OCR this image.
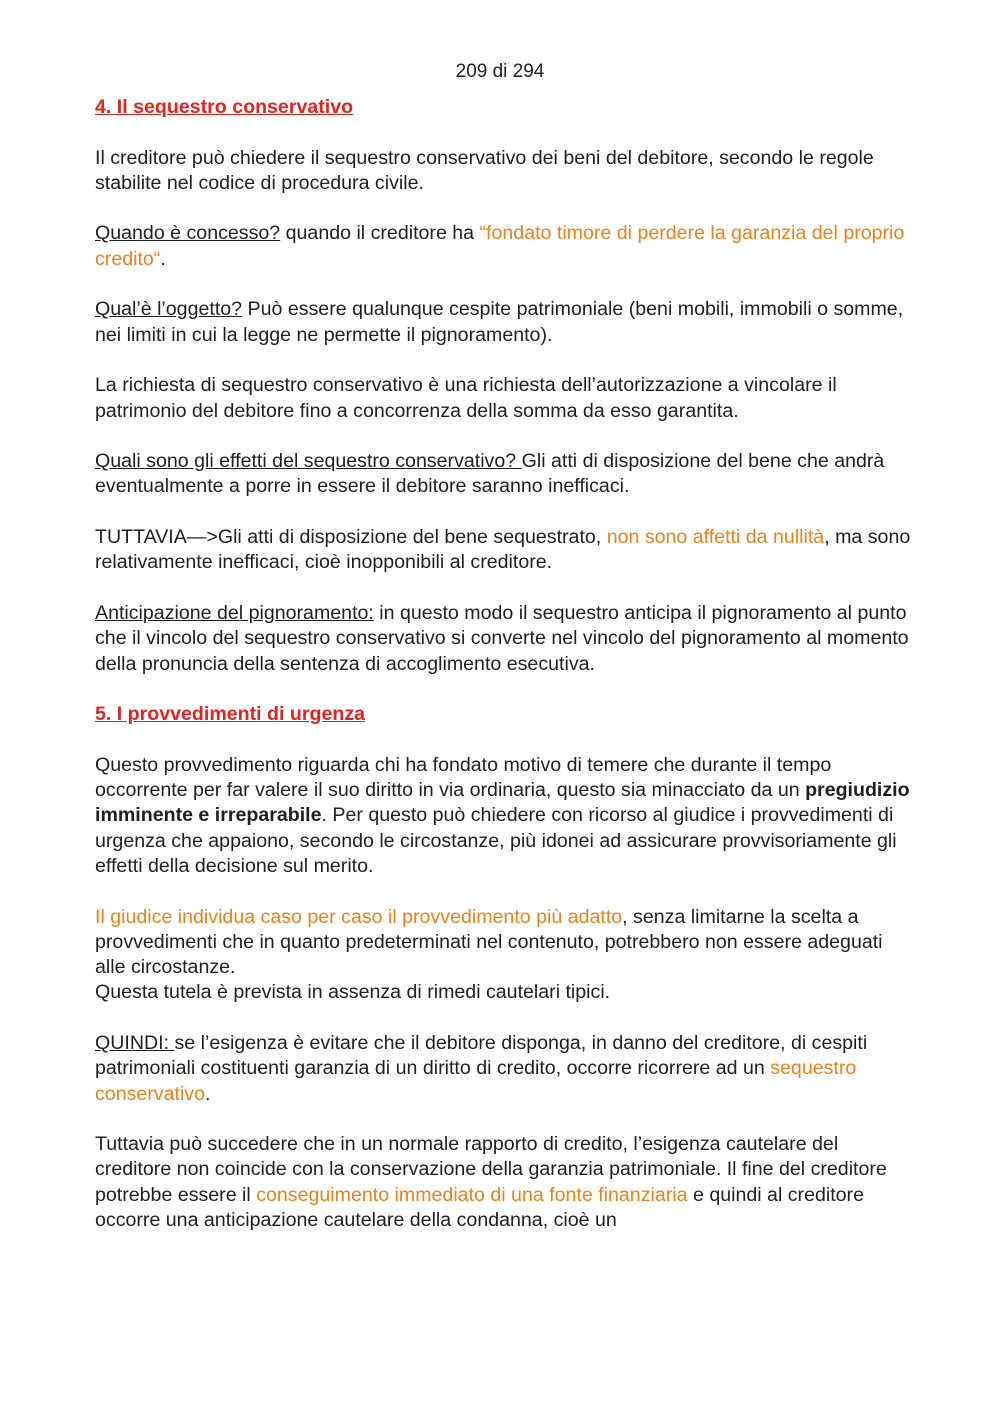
209 di 294
4. Il sequestro conservativo

Il creditore può chiedere il sequestro conservativo dei beni del debitore, secondo le regole stabilite nel codice di procedura civile.

Quando è concesso? quando il creditore ha “fondato timore di perdere la garanzia del proprio credito“.

Qual’è l’oggetto? Può essere qualunque cespite patrimoniale (beni mobili, immobili o somme, nei limiti in cui la legge ne permette il pignoramento).

La richiesta di sequestro conservativo è una richiesta dell’autorizzazione a vincolare il patrimonio del debitore fino a concorrenza della somma da esso garantita.

Quali sono gli effetti del sequestro conservativo? Gli atti di disposizione del bene che andrà eventualmente a porre in essere il debitore saranno inefficaci.

TUTTAVIA—>Gli atti di disposizione del bene sequestrato, non sono affetti da nullità, ma sono relativamente inefficaci, cioè inopponibili al creditore.

Anticipazione del pignoramento: in questo modo il sequestro anticipa il pignoramento al punto che il vincolo del sequestro conservativo si converte nel vincolo del pignoramento al momento della pronuncia della sentenza di accoglimento esecutiva.

5. I provvedimenti di urgenza

Questo provvedimento riguarda chi ha fondato motivo di temere che durante il tempo occorrente per far valere il suo diritto in via ordinaria, questo sia minacciato da un pregiudizio imminente e irreparabile. Per questo può chiedere con ricorso al giudice i provvedimenti di urgenza che appaiono, secondo le circostanze, più idonei ad assicurare provvisoriamente gli effetti della decisione sul merito.

Il giudice individua caso per caso il provvedimento più adatto, senza limitarne la scelta a provvedimenti che in quanto predeterminati nel contenuto, potrebbero non essere adeguati alle circostanze.
Questa tutela è prevista in assenza di rimedi cautelari tipici.

QUINDI: se l’esigenza è evitare che il debitore disponga, in danno del creditore, di cespiti patrimoniali costituenti garanzia di un diritto di credito, occorre ricorrere ad un sequestro conservativo.

Tuttavia può succedere che in un normale rapporto di credito, l’esigenza cautelare del creditore non coincide con la conservazione della garanzia patrimoniale. Il fine del creditore potrebbe essere il conseguimento immediato di una fonte finanziaria e quindi al creditore occorre una anticipazione cautelare della condanna, cioè un
